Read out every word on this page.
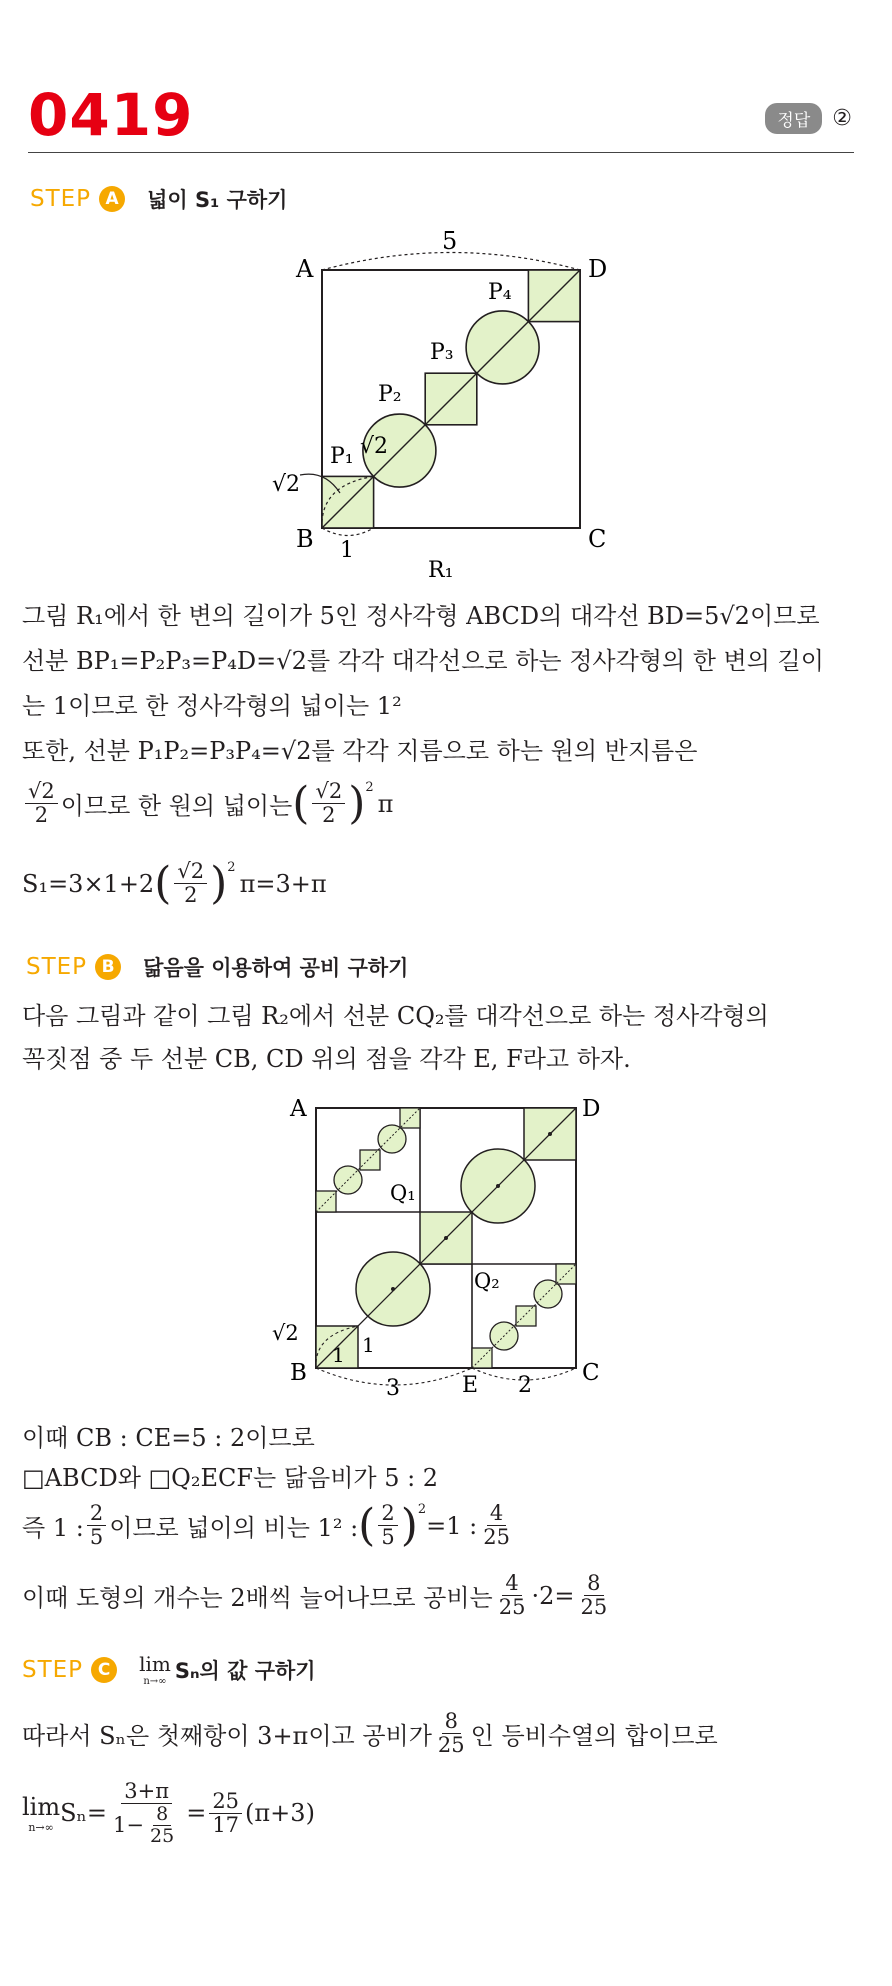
0419	정답	②
STEP A	넓이 S₁ 구하기
A	D
B	C
5
1
√2
√2
P₁
P₂
P₃
P₄
R₁
그림 R₁에서 한 변의 길이가 5인 정사각형 ABCD의 대각선 BD=5√2이므로
선분 BP₁=P₂P₃=P₄D=√2를 각각 대각선으로 하는 정사각형의 한 변의 길이
는 1이므로 한 정사각형의 넓이는 1²
또한, 선분 P₁P₂=P₃P₄=√2를 각각 지름으로 하는 원의 반지름은
$\frac{√2}{2}$ 이므로 한 원의 넓이는 ( $\frac{√2}{2}$ ) 2
π
S₁=3×1+2 ( $\frac{√2}{2}$ ) 2
π=3+π
STEP B	닮음을 이용하여 공비 구하기
다음 그림과 같이 그림 R₂에서 선분 CQ₂를 대각선으로 하는 정사각형의
꼭짓점 중 두 선분 CB, CD 위의 점을 각각 E, F라고 하자.
A	D
B	C
E
Q₁
Q₂
√2
1 1
3	2
이때 CB : CE=5 : 2이므로
□ABCD와 □Q₂ECF는 닮음비가 5 : 2
즉 1 : $\frac{2}{5}$ 이므로 넓이의 비는 1² : ( $\frac{2}{5}$ ) 2
=1 : $\frac{4}{25}$
이때 도형의 개수는 2배씩 늘어나므로 공비는 $\frac{4}{25} \cdot 2= \frac{8}{25}$
STEP C	lim
n→∞ Sₙ의 값 구하기
따라서 Sₙ은 첫째항이 3+π이고 공비가 $\frac{8}{25}$ 인 등비수열의 합이므로
lim
n→∞ $S_n= \frac{3+\pi}{1- \frac{8}{25}} = \frac{25}{17} (\pi+3)$
